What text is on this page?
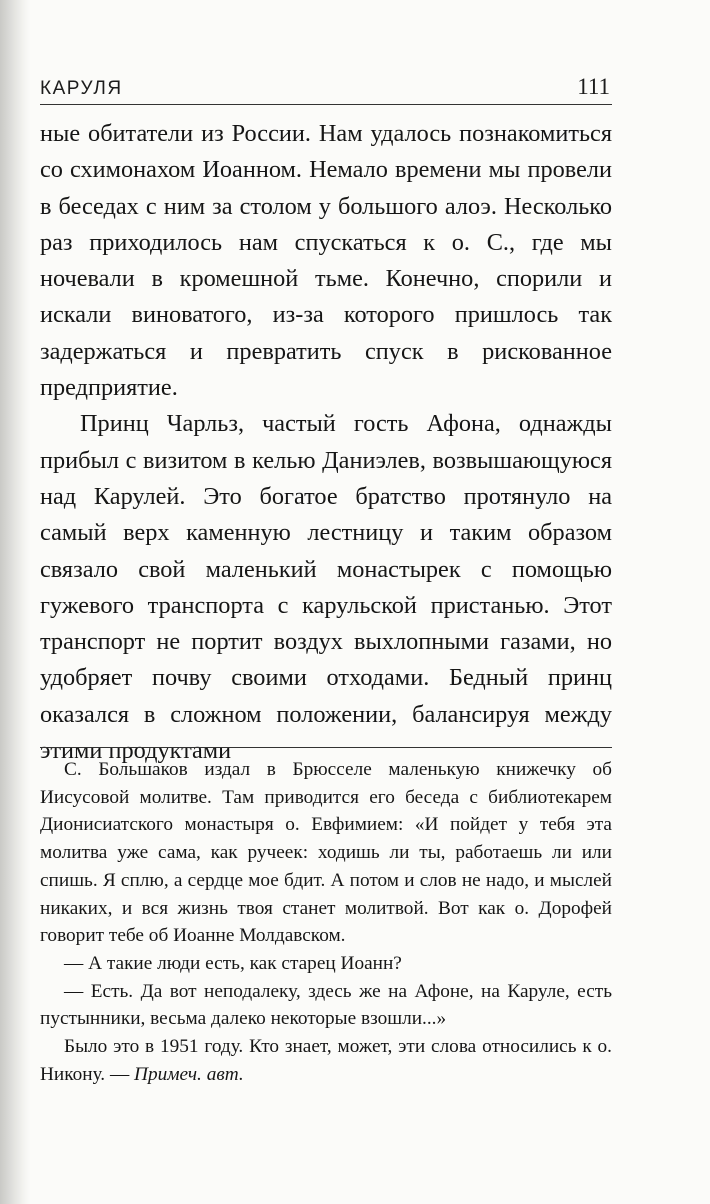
КАРУЛЯ	111

ные обитатели из России. Нам удалось познакомиться со схимонахом Иоанном. Немало времени мы провели в беседах с ним за столом у большого алоэ. Несколько раз приходилось нам спускаться к о. С., где мы ночевали в кромешной тьме. Конечно, спорили и искали виноватого, из-за которого пришлось так задержаться и превратить спуск в рискованное предприятие.

Принц Чарльз, частый гость Афона, однажды прибыл с визитом в келью Даниэлев, возвышающуюся над Карулей. Это богатое братство протянуло на самый верх каменную лестницу и таким образом связало свой маленький монастырек с помощью гужевого транспорта с карульской пристанью. Этот транспорт не портит воздух выхлопными газами, но удобряет почву своими отходами. Бедный принц оказался в сложном положении, балансируя между этими продуктами

С. Большаков издал в Брюсселе маленькую книжечку об Иисусовой молитве. Там приводится его беседа с библиотекарем Дионисиатского монастыря о. Евфимием: «И пойдет у тебя эта молитва уже сама, как ручеек: ходишь ли ты, работаешь ли или спишь. Я сплю, а сердце мое бдит. А потом и слов не надо, и мыслей никаких, и вся жизнь твоя станет молитвой. Вот как о. Дорофей говорит тебе об Иоанне Молдавском.

— А такие люди есть, как старец Иоанн?

— Есть. Да вот неподалеку, здесь же на Афоне, на Каруле, есть пустынники, весьма далеко некоторые взошли...»

Было это в 1951 году. Кто знает, может, эти слова относились к о. Никону. — Примеч. авт.
